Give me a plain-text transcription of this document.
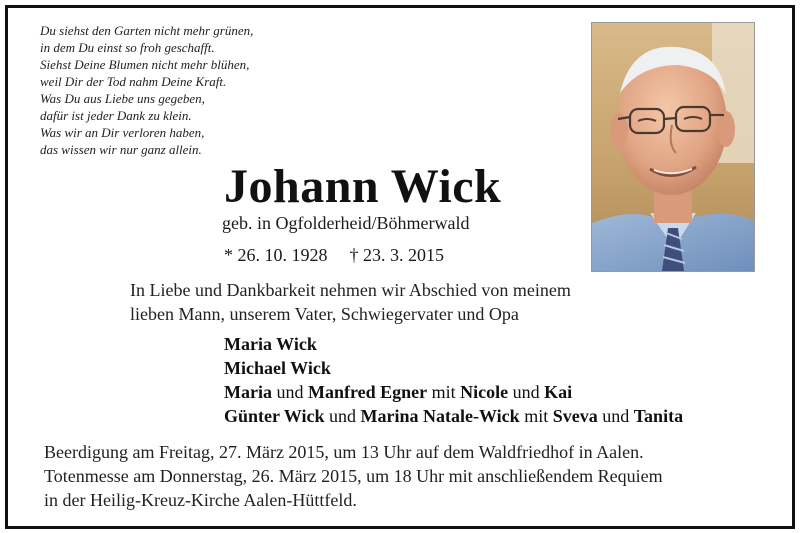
Du siehst den Garten nicht mehr grünen,
in dem Du einst so froh geschafft.
Siehst Deine Blumen nicht mehr blühen,
weil Dir der Tod nahm Deine Kraft.
Was Du aus Liebe uns gegeben,
dafür ist jeder Dank zu klein.
Was wir an Dir verloren haben,
das wissen wir nur ganz allein.
Johann Wick
geb. in Ogfolderheid/Böhmerwald
* 26. 10. 1928 † 23. 3. 2015
In Liebe und Dankbarkeit nehmen wir Abschied von meinem
lieben Mann, unserem Vater, Schwiegervater und Opa
Maria Wick
Michael Wick
Maria und Manfred Egner mit Nicole und Kai
Günter Wick und Marina Natale-Wick mit Sveva und Tanita
Beerdigung am Freitag, 27. März 2015, um 13 Uhr auf dem Waldfriedhof in Aalen.
Totenmesse am Donnerstag, 26. März 2015, um 18 Uhr mit anschließendem Requiem
in der Heilig-Kreuz-Kirche Aalen-Hüttfeld.
